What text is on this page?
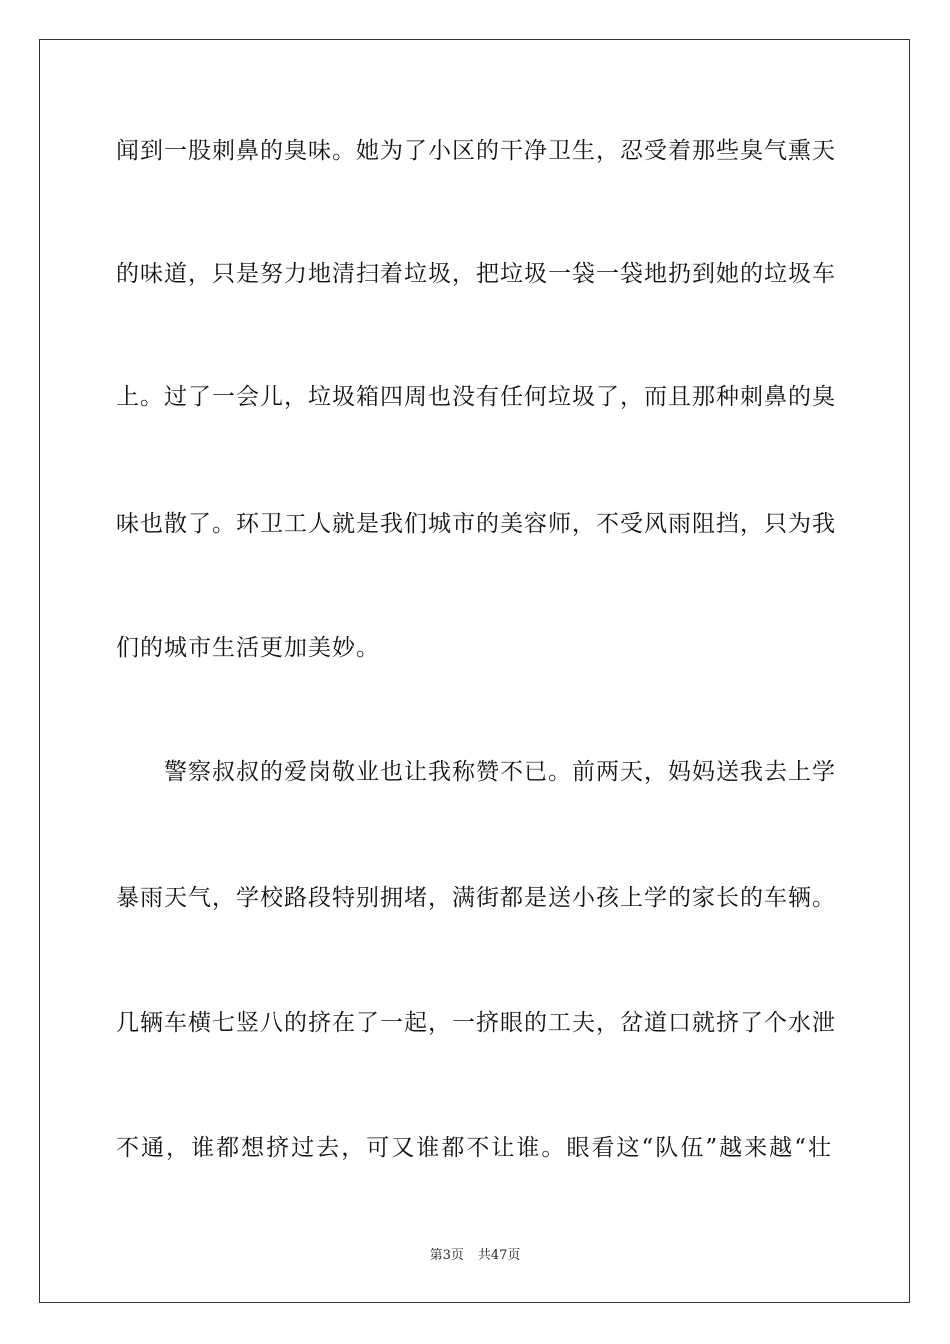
闻到一股刺鼻的臭味。她为了小区的干净卫生，忍受着那些臭气熏天
的味道，只是努力地清扫着垃圾，把垃圾一袋一袋地扔到她的垃圾车
上。过了一会儿，垃圾箱四周也没有任何垃圾了，而且那种刺鼻的臭
味也散了。环卫工人就是我们城市的美容师，不受风雨阻挡，只为我
们的城市生活更加美妙。
警察叔叔的爱岗敬业也让我称赞不已。前两天，妈妈送我去上学
暴雨天气，学校路段特别拥堵，满街都是送小孩上学的家长的车辆。
几辆车横七竖八的挤在了一起，一挤眼的工夫，岔道口就挤了个水泄
不通，谁都想挤过去，可又谁都不让谁。眼看这“队伍”越来越“壮
第3页 共47页
